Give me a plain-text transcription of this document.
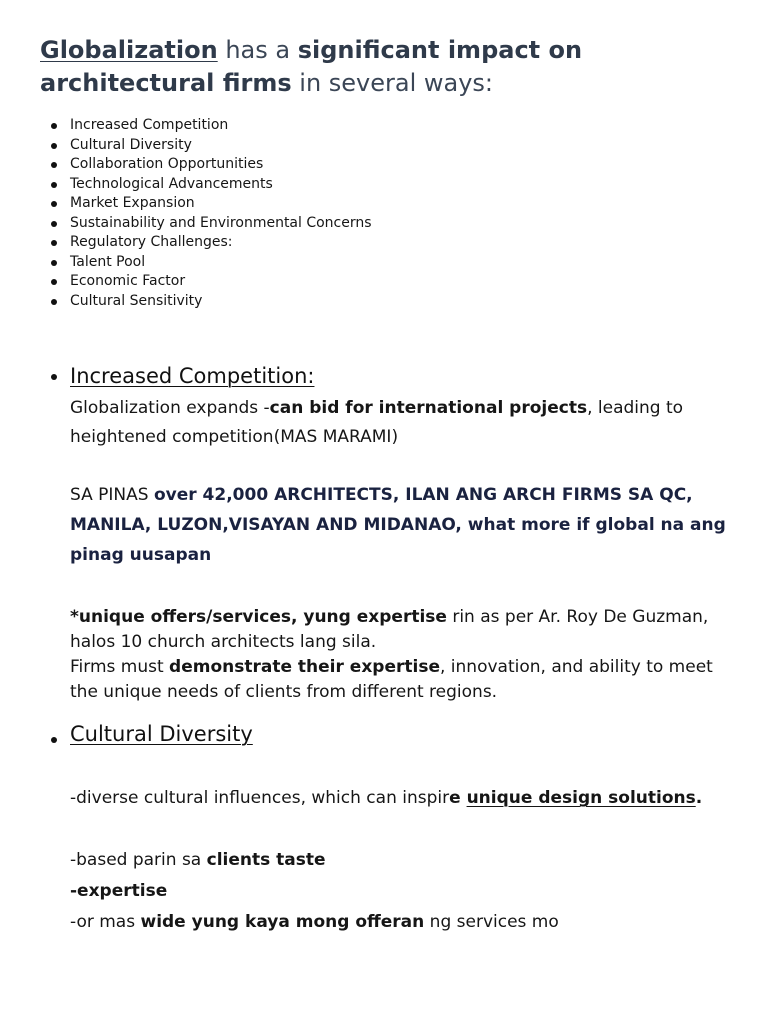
Globalization has a significant impact on architectural firms in several ways:
Increased Competition
Cultural Diversity
Collaboration Opportunities
Technological Advancements
Market Expansion
Sustainability and Environmental Concerns
Regulatory Challenges:
Talent Pool
Economic Factor
Cultural Sensitivity
Increased Competition:
Globalization expands -can bid for international projects, leading to heightened competition(MAS MARAMI)
SA PINAS over 42,000 ARCHITECTS, ILAN ANG ARCH FIRMS SA QC, MANILA, LUZON,VISAYAN AND MIDANAO, what more if global na ang pinag uusapan
*unique offers/services, yung expertise rin as per Ar. Roy De Guzman, halos 10 church architects lang sila.
Firms must demonstrate their expertise, innovation, and ability to meet the unique needs of clients from different regions.
Cultural Diversity
-diverse cultural influences, which can inspire unique design solutions.
-based parin sa clients taste
-expertise
-or mas wide yung kaya mong offeran ng services mo
